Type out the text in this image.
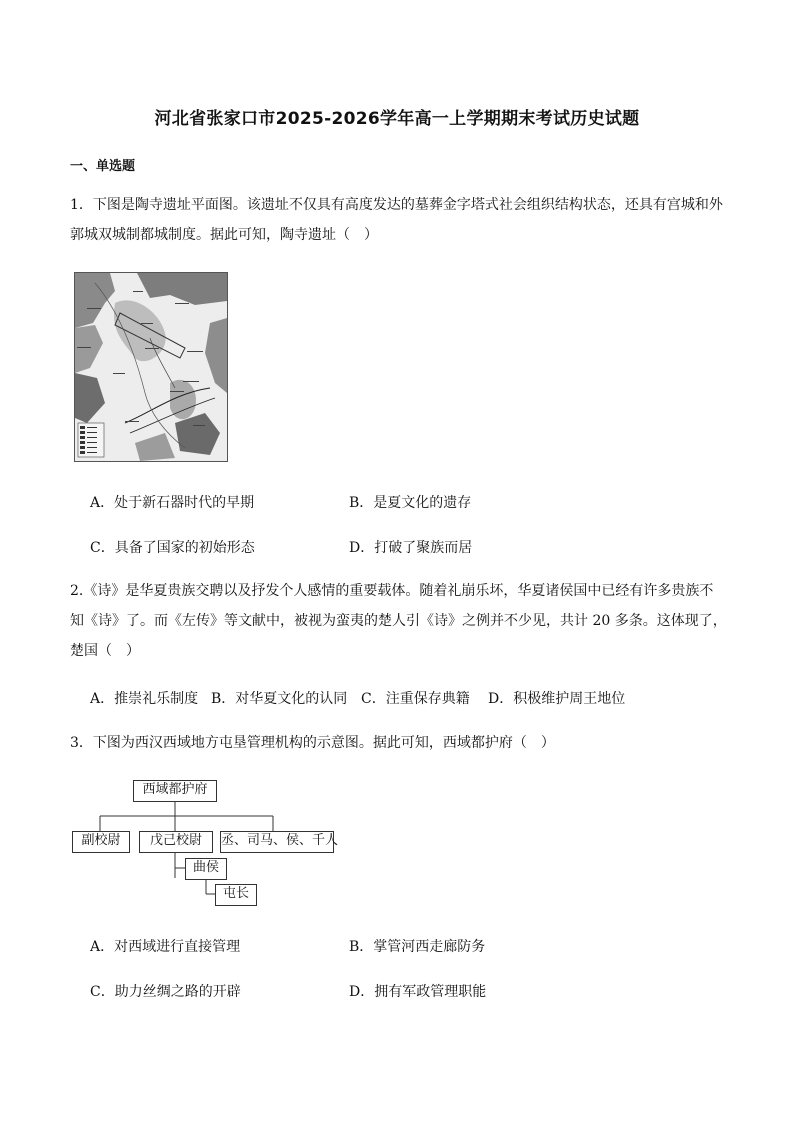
河北省张家口市2025-2026学年高一上学期期末考试历史试题
一、单选题
1．下图是陶寺遗址平面图。该遗址不仅具有高度发达的墓葬金字塔式社会组织结构状态，还具有宫城和外
郭城双城制都城制度。据此可知，陶寺遗址（　）
A．处于新石器时代的早期	B．是夏文化的遗存
C．具备了国家的初始形态	D．打破了聚族而居
2.《诗》是华夏贵族交聘以及抒发个人感情的重要载体。随着礼崩乐坏，华夏诸侯国中已经有许多贵族不
知《诗》了。而《左传》等文献中，被视为蛮夷的楚人引《诗》之例并不少见，共计 20 多条。这体现了，
楚国（　）
A．推崇礼乐制度 B．对华夏文化的认同 C．注重保存典籍 D．积极维护周王地位
3．下图为西汉西域地方屯垦管理机构的示意图。据此可知，西域都护府（　）
西域都护府
副校尉	戊己校尉	丞、司马、侯、千人
曲侯
屯长
A．对西域进行直接管理	B．掌管河西走廊防务
C．助力丝绸之路的开辟	D．拥有军政管理职能
